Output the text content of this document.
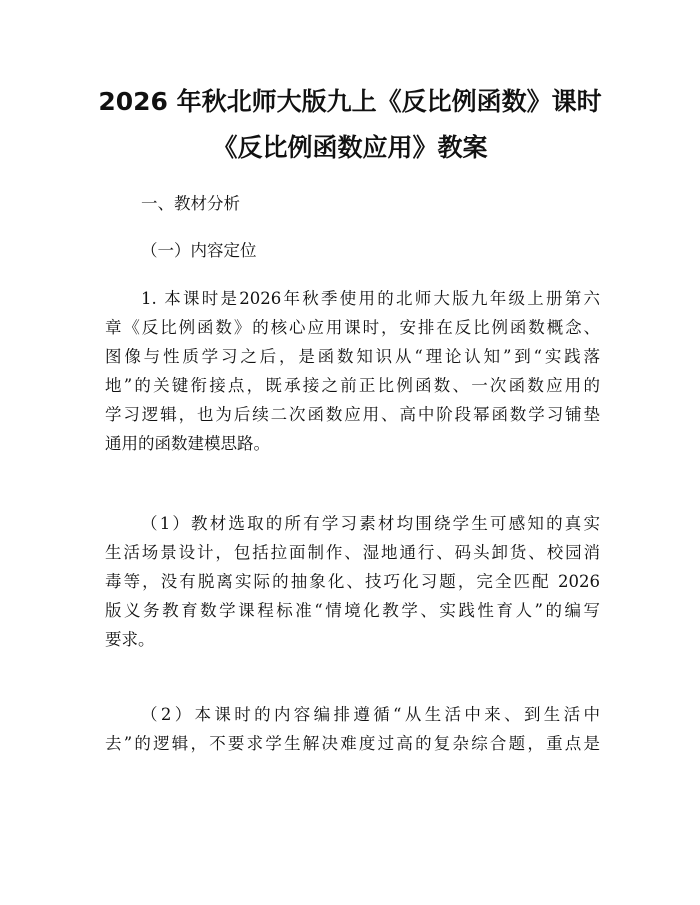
2026 年秋北师大版九上《反比例函数》课时
《反比例函数应用》教案
一、教材分析
（一）内容定位
1. 本课时是2026年秋季使用的北师大版九年级上册第六
章《反比例函数》的核心应用课时，安排在反比例函数概念、
图像与性质学习之后，是函数知识从“理论认知”到“实践落
地”的关键衔接点，既承接之前正比例函数、一次函数应用的
学习逻辑，也为后续二次函数应用、高中阶段幂函数学习铺垫
通用的函数建模思路。
（1）教材选取的所有学习素材均围绕学生可感知的真实
生活场景设计，包括拉面制作、湿地通行、码头卸货、校园消
毒等，没有脱离实际的抽象化、技巧化习题，完全匹配 2026
版义务教育数学课程标准“情境化教学、实践性育人”的编写
要求。
（2）本课时的内容编排遵循“从生活中来、到生活中
去”的逻辑，不要求学生解决难度过高的复杂综合题，重点是
